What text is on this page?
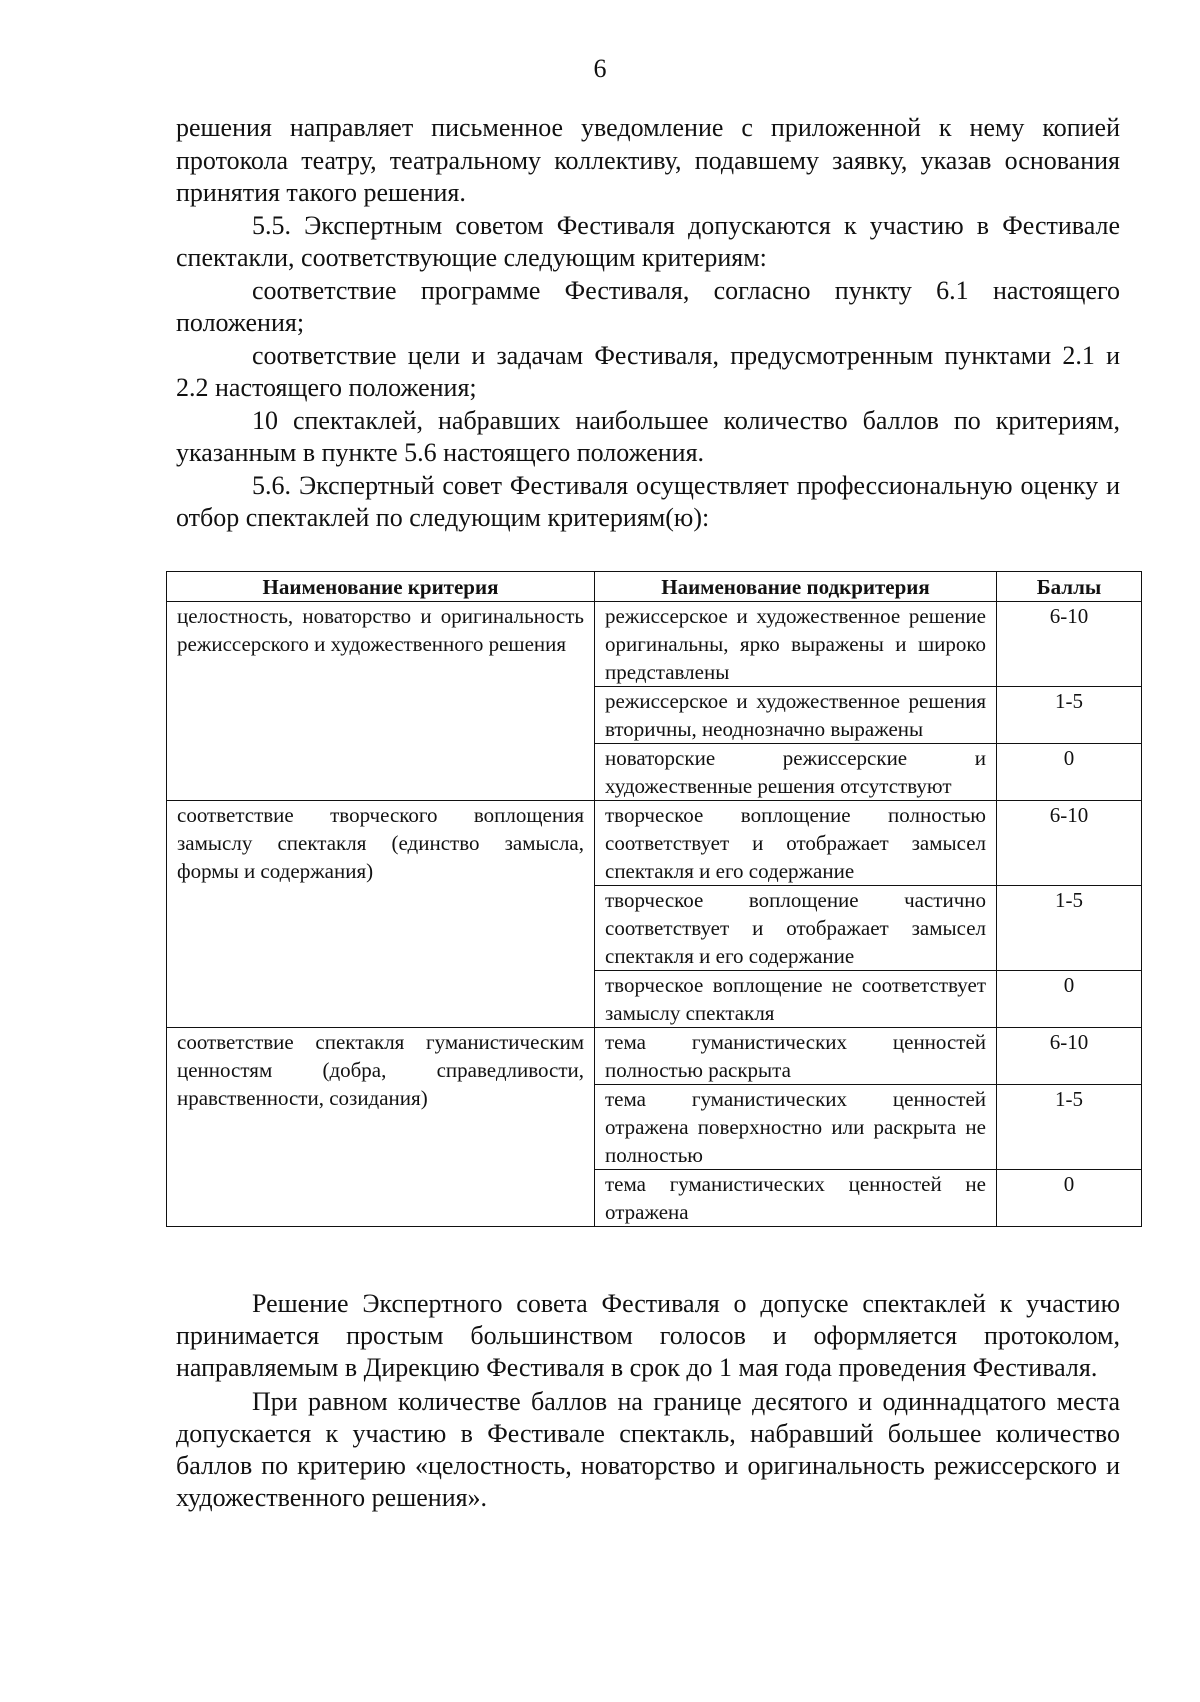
6

решения направляет письменное уведомление с приложенной к нему копией протокола театру, театральному коллективу, подавшему заявку, указав основания принятия такого решения.

5.5. Экспертным советом Фестиваля допускаются к участию в Фестивале спектакли, соответствующие следующим критериям:

соответствие программе Фестиваля, согласно пункту 6.1 настоящего положения;

соответствие цели и задачам Фестиваля, предусмотренным пунктами 2.1 и 2.2 настоящего положения;

10 спектаклей, набравших наибольшее количество баллов по критериям, указанным в пункте 5.6 настоящего положения.

5.6. Экспертный совет Фестиваля осуществляет профессиональную оценку и отбор спектаклей по следующим критериям(ю):

Наименование критерия	Наименование подкритерия	Баллы
целостность, новаторство и оригинальность режиссерского и художественного решения	режиссерское и художественное решение оригинальны, ярко выражены и широко представлены	6-10
	режиссерское и художественное решения вторичны, неоднозначно выражены	1-5
	новаторские режиссерские и художественные решения отсутствуют	0
соответствие творческого воплощения замыслу спектакля (единство замысла, формы и содержания)	творческое воплощение полностью соответствует и отображает замысел спектакля и его содержание	6-10
	творческое воплощение частично соответствует и отображает замысел спектакля и его содержание	1-5
	творческое воплощение не соответствует замыслу спектакля	0
соответствие спектакля гуманистическим ценностям (добра, справедливости, нравственности, созидания)	тема гуманистических ценностей полностью раскрыта	6-10
	тема гуманистических ценностей отражена поверхностно или раскрыта не полностью	1-5
	тема гуманистических ценностей не отражена	0

Решение Экспертного совета Фестиваля о допуске спектаклей к участию принимается простым большинством голосов и оформляется протоколом, направляемым в Дирекцию Фестиваля в срок до 1 мая года проведения Фестиваля.

При равном количестве баллов на границе десятого и одиннадцатого места допускается к участию в Фестивале спектакль, набравший большее количество баллов по критерию «целостность, новаторство и оригинальность режиссерского и художественного решения».
